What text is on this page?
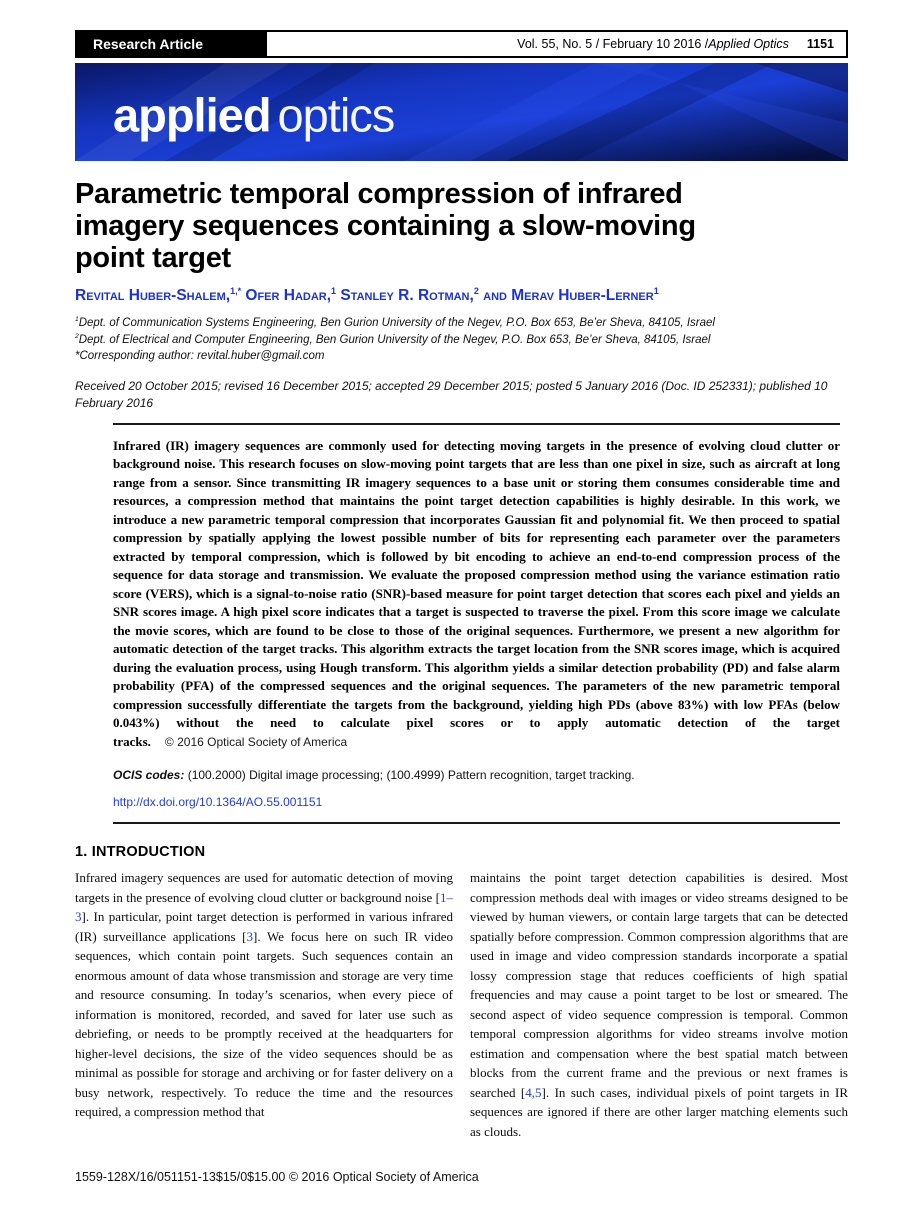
Research Article	Vol. 55, No. 5 / February 10 2016 / Applied Optics 1151
applied optics
Parametric temporal compression of infrared
imagery sequences containing a slow-moving
point target
Revital Huber-Shalem,$^{1,*}$ Ofer Hadar,$^1$ Stanley R. Rotman,$^2$ and Merav Huber-Lerner$^1$
$^1$Dept. of Communication Systems Engineering, Ben Gurion University of the Negev, P.O. Box 653, Be’er Sheva, 84105, Israel
$^2$Dept. of Electrical and Computer Engineering, Ben Gurion University of the Negev, P.O. Box 653, Be’er Sheva, 84105, Israel
*Corresponding author: revital.huber@gmail.com
Received 20 October 2015; revised 16 December 2015; accepted 29 December 2015; posted 5 January 2016 (Doc. ID 252331); published 10 February 2016
Infrared (IR) imagery sequences are commonly used for detecting moving targets in the presence of evolving cloud clutter or background noise. This research focuses on slow-moving point targets that are less than one pixel in size, such as aircraft at long range from a sensor. Since transmitting IR imagery sequences to a base unit or storing them consumes considerable time and resources, a compression method that maintains the point target detection capabilities is highly desirable. In this work, we introduce a new parametric temporal compression that incorporates Gaussian fit and polynomial fit. We then proceed to spatial compression by spatially applying the lowest possible number of bits for representing each parameter over the parameters extracted by temporal compression, which is followed by bit encoding to achieve an end-to-end compression process of the sequence for data storage and transmission. We evaluate the proposed compression method using the variance estimation ratio score (VERS), which is a signal-to-noise ratio (SNR)-based measure for point target detection that scores each pixel and yields an SNR scores image. A high pixel score indicates that a target is suspected to traverse the pixel. From this score image we calculate the movie scores, which are found to be close to those of the original sequences. Furthermore, we present a new algorithm for automatic detection of the target tracks. This algorithm extracts the target location from the SNR scores image, which is acquired during the evaluation process, using Hough transform. This algorithm yields a similar detection probability (PD) and false alarm probability (PFA) of the compressed sequences and the original sequences. The parameters of the new parametric temporal compression successfully differentiate the targets from the background, yielding high PDs (above 83%) with low PFAs (below 0.043%) without the need to calculate pixel scores or to apply automatic detection of the target tracks. © 2016 Optical Society of America
OCIS codes: (100.2000) Digital image processing; (100.4999) Pattern recognition, target tracking.
http://dx.doi.org/10.1364/AO.55.001151
1. INTRODUCTION
Infrared imagery sequences are used for automatic detection of moving targets in the presence of evolving cloud clutter or background noise [1–3]. In particular, point target detection is performed in various infrared (IR) surveillance applications [3]. We focus here on such IR video sequences, which contain point targets. Such sequences contain an enormous amount of data whose transmission and storage are very time and resource consuming. In today’s scenarios, when every piece of information is monitored, recorded, and saved for later use such as debriefing, or needs to be promptly received at the headquarters for higher-level decisions, the size of the video sequences should be as minimal as possible for storage and archiving or for faster delivery on a busy network, respectively. To reduce the time and the resources required, a compression method that
maintains the point target detection capabilities is desired. Most compression methods deal with images or video streams designed to be viewed by human viewers, or contain large targets that can be detected spatially before compression. Common compression algorithms that are used in image and video compression standards incorporate a spatial lossy compression stage that reduces coefficients of high spatial frequencies and may cause a point target to be lost or smeared. The second aspect of video sequence compression is temporal. Common temporal compression algorithms for video streams involve motion estimation and compensation where the best spatial match between blocks from the current frame and the previous or next frames is searched [4,5]. In such cases, individual pixels of point targets in IR sequences are ignored if there are other larger matching elements such as clouds.
1559-128X/16/051151-13$15/0$15.00 © 2016 Optical Society of America
